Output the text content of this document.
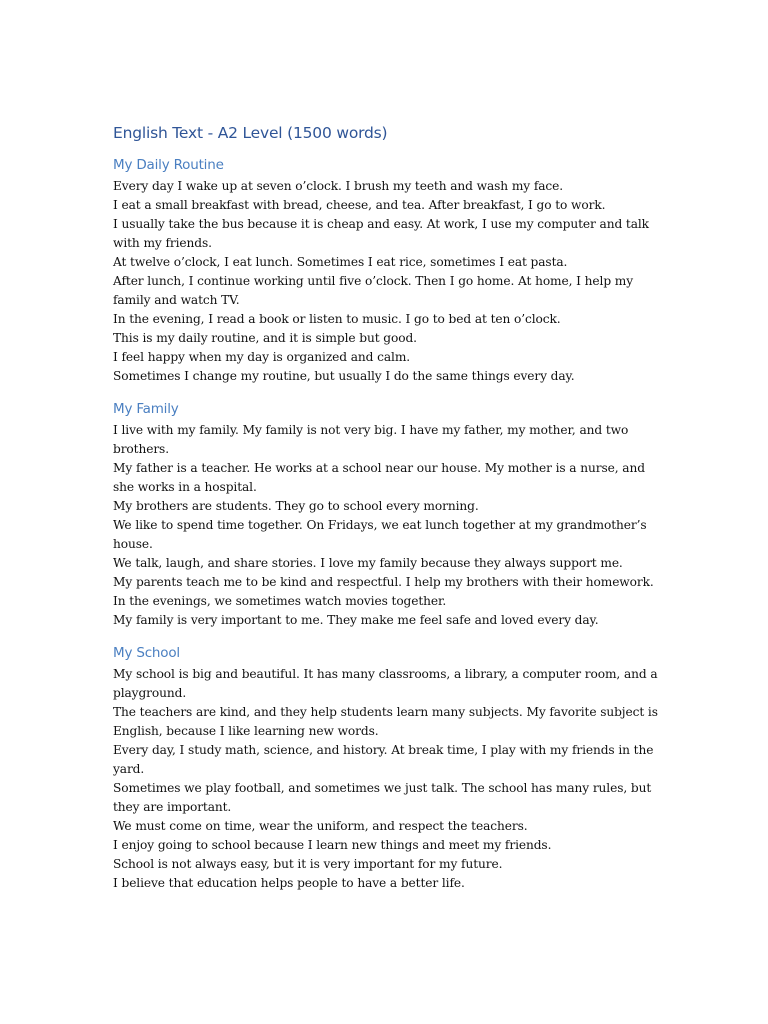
English Text - A2 Level (1500 words)
My Daily Routine

Every day I wake up at seven o’clock. I brush my teeth and wash my face.

I eat a small breakfast with bread, cheese, and tea. After breakfast, I go to work.

I usually take the bus because it is cheap and easy. At work, I use my computer and talk with my friends.

At twelve o’clock, I eat lunch. Sometimes I eat rice, sometimes I eat pasta.

After lunch, I continue working until five o’clock. Then I go home. At home, I help my family and watch TV.

In the evening, I read a book or listen to music. I go to bed at ten o’clock.

This is my daily routine, and it is simple but good.

I feel happy when my day is organized and calm.

Sometimes I change my routine, but usually I do the same things every day.

My Family

I live with my family. My family is not very big. I have my father, my mother, and two brothers.

My father is a teacher. He works at a school near our house. My mother is a nurse, and she works in a hospital.

My brothers are students. They go to school every morning.

We like to spend time together. On Fridays, we eat lunch together at my grandmother’s house.

We talk, laugh, and share stories. I love my family because they always support me.

My parents teach me to be kind and respectful. I help my brothers with their homework.

In the evenings, we sometimes watch movies together.

My family is very important to me. They make me feel safe and loved every day.

My School

My school is big and beautiful. It has many classrooms, a library, a computer room, and a playground.

The teachers are kind, and they help students learn many subjects. My favorite subject is English, because I like learning new words.

Every day, I study math, science, and history. At break time, I play with my friends in the yard.

Sometimes we play football, and sometimes we just talk. The school has many rules, but they are important.

We must come on time, wear the uniform, and respect the teachers.

I enjoy going to school because I learn new things and meet my friends.

School is not always easy, but it is very important for my future.

I believe that education helps people to have a better life.
